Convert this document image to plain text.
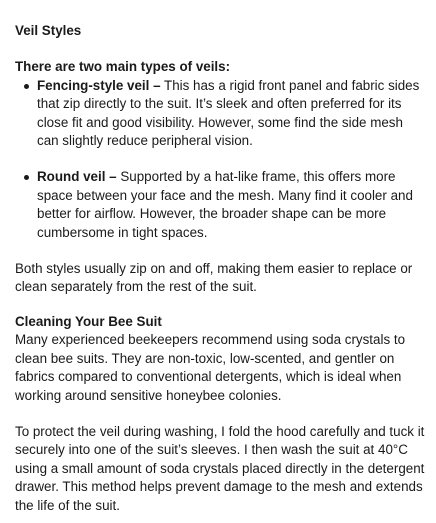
Veil Styles

There are two main types of veils:

Fencing-style veil – This has a rigid front panel and fabric sides that zip directly to the suit. It’s sleek and often preferred for its close fit and good visibility. However, some find the side mesh can slightly reduce peripheral vision.
Round veil – Supported by a hat-like frame, this offers more space between your face and the mesh. Many find it cooler and better for airflow. However, the broader shape can be more cumbersome in tight spaces.

Both styles usually zip on and off, making them easier to replace or clean separately from the rest of the suit.

Cleaning Your Bee Suit

Many experienced beekeepers recommend using soda crystals to clean bee suits. They are non-toxic, low-scented, and gentler on fabrics compared to conventional detergents, which is ideal when working around sensitive honeybee colonies.

To protect the veil during washing, I fold the hood carefully and tuck it securely into one of the suit’s sleeves. I then wash the suit at 40°C using a small amount of soda crystals placed directly in the detergent drawer. This method helps prevent damage to the mesh and extends the life of the suit.
